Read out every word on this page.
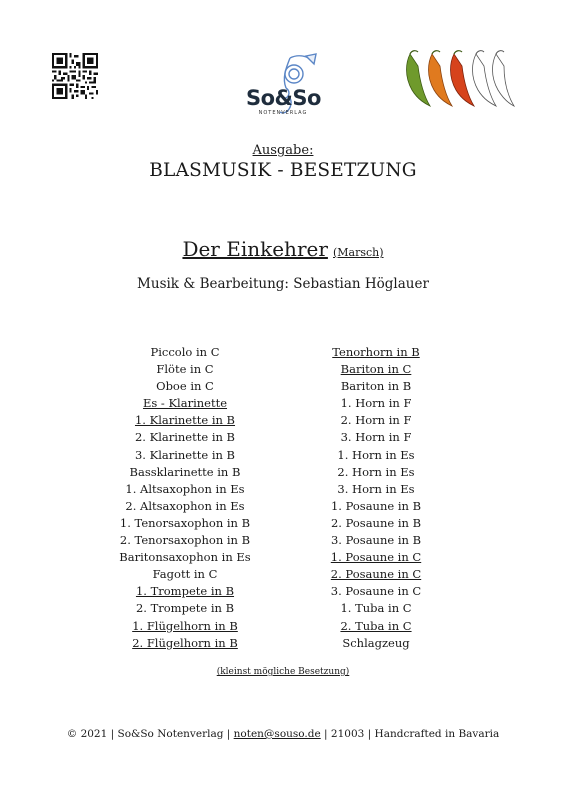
So&So
NOTENVERLAG
Ausgabe:
BLASMUSIK - BESETZUNG
Der Einkehrer (Marsch)
Musik & Bearbeitung: Sebastian Höglauer
Piccolo in C
Flöte in C
Oboe in C
Es - Klarinette
1. Klarinette in B
2. Klarinette in B
3. Klarinette in B
Bassklarinette in B
1. Altsaxophon in Es
2. Altsaxophon in Es
1. Tenorsaxophon in B
2. Tenorsaxophon in B
Baritonsaxophon in Es
Fagott in C
1. Trompete in B
2. Trompete in B
1. Flügelhorn in B
2. Flügelhorn in B
Tenorhorn in B
Bariton in C
Bariton in B
1. Horn in F
2. Horn in F
3. Horn in F
1. Horn in Es
2. Horn in Es
3. Horn in Es
1. Posaune in B
2. Posaune in B
3. Posaune in B
1. Posaune in C
2. Posaune in C
3. Posaune in C
1. Tuba in C
2. Tuba in C
Schlagzeug
(kleinst mögliche Besetzung)
© 2021 | So&So Notenverlag | noten@souso.de | 21003 | Handcrafted in Bavaria
